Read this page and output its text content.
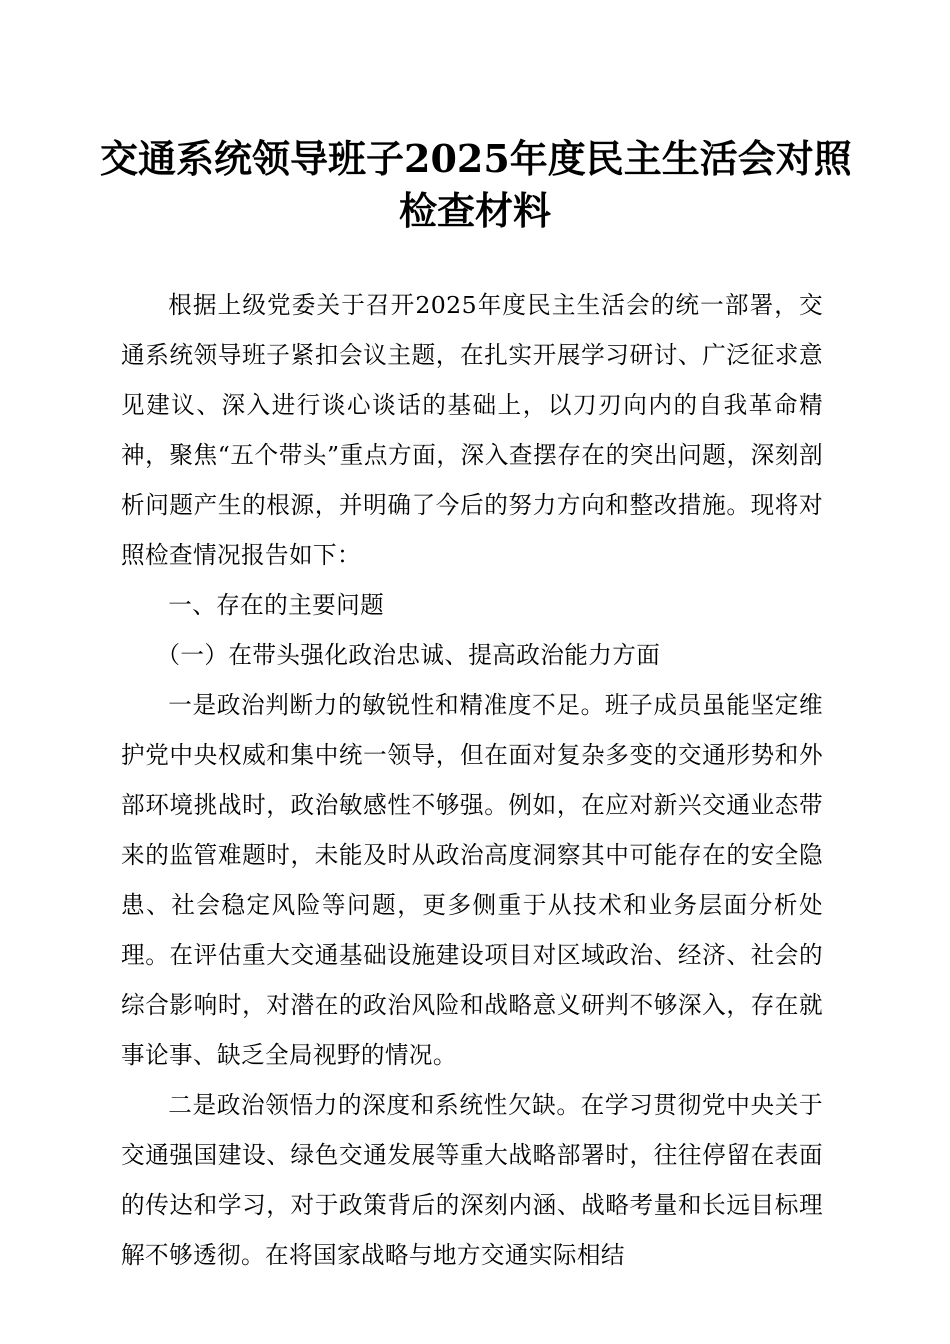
交通系统领导班子2025年度民主生活会对照
检查材料

根据上级党委关于召开2025年度民主生活会的统一部署，交通系统领导班子紧扣会议主题，在扎实开展学习研讨、广泛征求意见建议、深入进行谈心谈话的基础上，以刀刃向内的自我革命精神，聚焦“五个带头”重点方面，深入查摆存在的突出问题，深刻剖析问题产生的根源，并明确了今后的努力方向和整改措施。现将对照检查情况报告如下：

一、存在的主要问题

（一）在带头强化政治忠诚、提高政治能力方面

一是政治判断力的敏锐性和精准度不足。班子成员虽能坚定维护党中央权威和集中统一领导，但在面对复杂多变的交通形势和外部环境挑战时，政治敏感性不够强。例如，在应对新兴交通业态带来的监管难题时，未能及时从政治高度洞察其中可能存在的安全隐患、社会稳定风险等问题，更多侧重于从技术和业务层面分析处理。在评估重大交通基础设施建设项目对区域政治、经济、社会的综合影响时，对潜在的政治风险和战略意义研判不够深入，存在就事论事、缺乏全局视野的情况。

二是政治领悟力的深度和系统性欠缺。在学习贯彻党中央关于交通强国建设、绿色交通发展等重大战略部署时，往往停留在表面的传达和学习，对于政策背后的深刻内涵、战略考量和长远目标理解不够透彻。在将国家战略与地方交通实际相结
